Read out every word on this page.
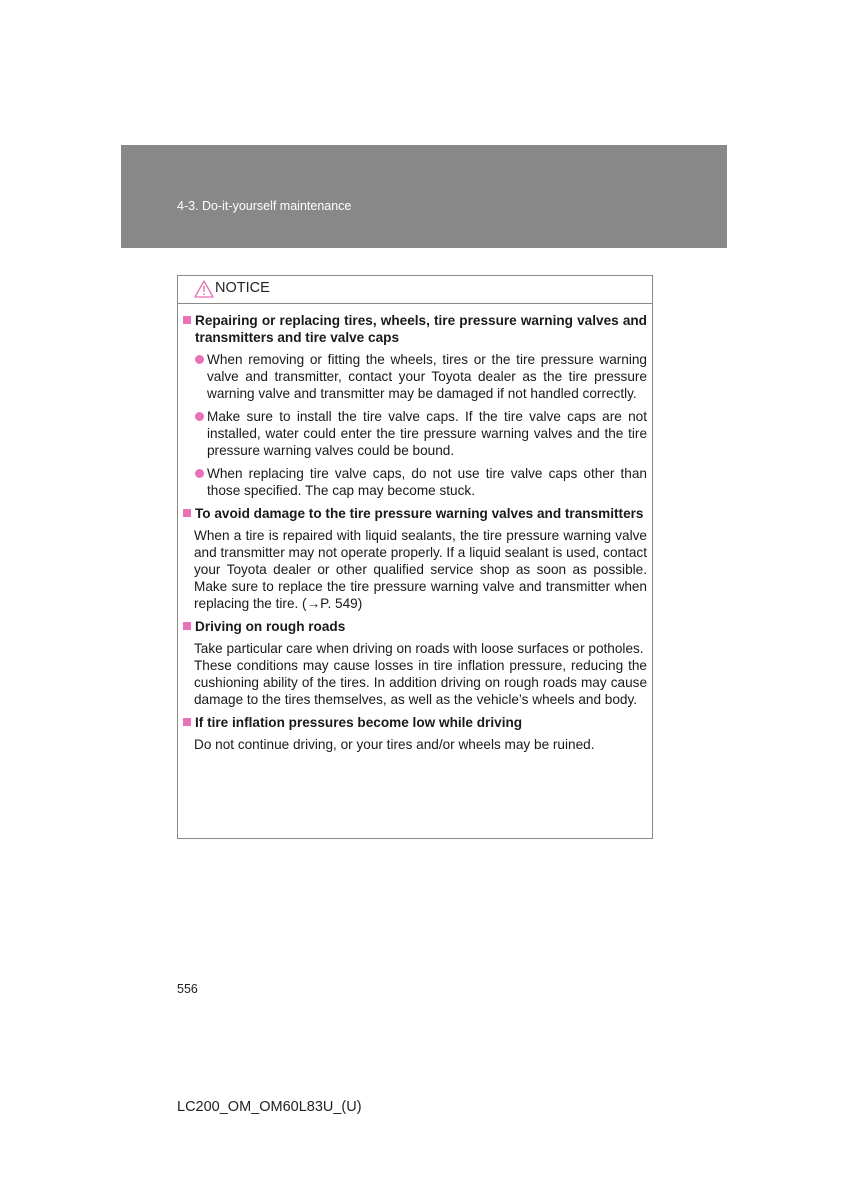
4-3. Do-it-yourself maintenance
NOTICE
Repairing or replacing tires, wheels, tire pressure warning valves and transmitters and tire valve caps
When removing or fitting the wheels, tires or the tire pressure warning valve and transmitter, contact your Toyota dealer as the tire pressure warning valve and transmitter may be damaged if not handled correctly.
Make sure to install the tire valve caps. If the tire valve caps are not installed, water could enter the tire pressure warning valves and the tire pressure warning valves could be bound.
When replacing tire valve caps, do not use tire valve caps other than those specified. The cap may become stuck.
To avoid damage to the tire pressure warning valves and transmitters
When a tire is repaired with liquid sealants, the tire pressure warning valve and transmitter may not operate properly. If a liquid sealant is used, contact your Toyota dealer or other qualified service shop as soon as possible. Make sure to replace the tire pressure warning valve and transmitter when replacing the tire. (→P. 549)
Driving on rough roads
Take particular care when driving on roads with loose surfaces or potholes.
These conditions may cause losses in tire inflation pressure, reducing the cushioning ability of the tires. In addition driving on rough roads may cause damage to the tires themselves, as well as the vehicle’s wheels and body.
If tire inflation pressures become low while driving
Do not continue driving, or your tires and/or wheels may be ruined.
556
LC200_OM_OM60L83U_(U)
